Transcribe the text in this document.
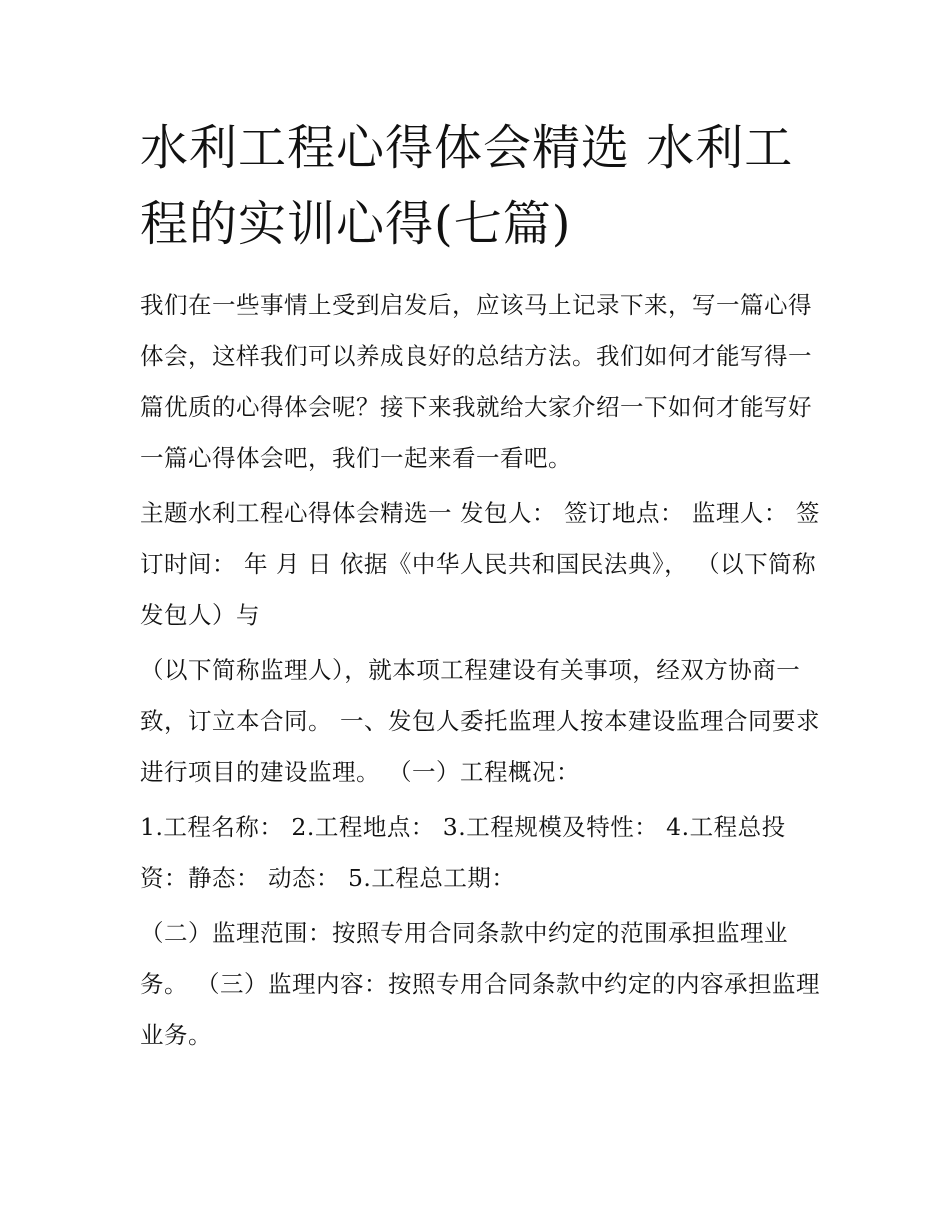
水利工程心得体会精选 水利工程的实训心得(七篇)

我们在一些事情上受到启发后，应该马上记录下来，写一篇心得体会，这样我们可以养成良好的总结方法。我们如何才能写得一篇优质的心得体会呢？接下来我就给大家介绍一下如何才能写好一篇心得体会吧，我们一起来看一看吧。

主题水利工程心得体会精选一 发包人： 签订地点： 监理人： 签订时间： 年 月 日 依据《中华人民共和国民法典》， （以下简称发包人）与

（以下简称监理人），就本项工程建设有关事项，经双方协商一致，订立本合同。 一、发包人委托监理人按本建设监理合同要求进行项目的建设监理。 （一）工程概况：

1.工程名称： 2.工程地点： 3.工程规模及特性： 4.工程总投资：静态： 动态： 5.工程总工期：

（二）监理范围：按照专用合同条款中约定的范围承担监理业务。 （三）监理内容：按照专用合同条款中约定的内容承担监理业务。
